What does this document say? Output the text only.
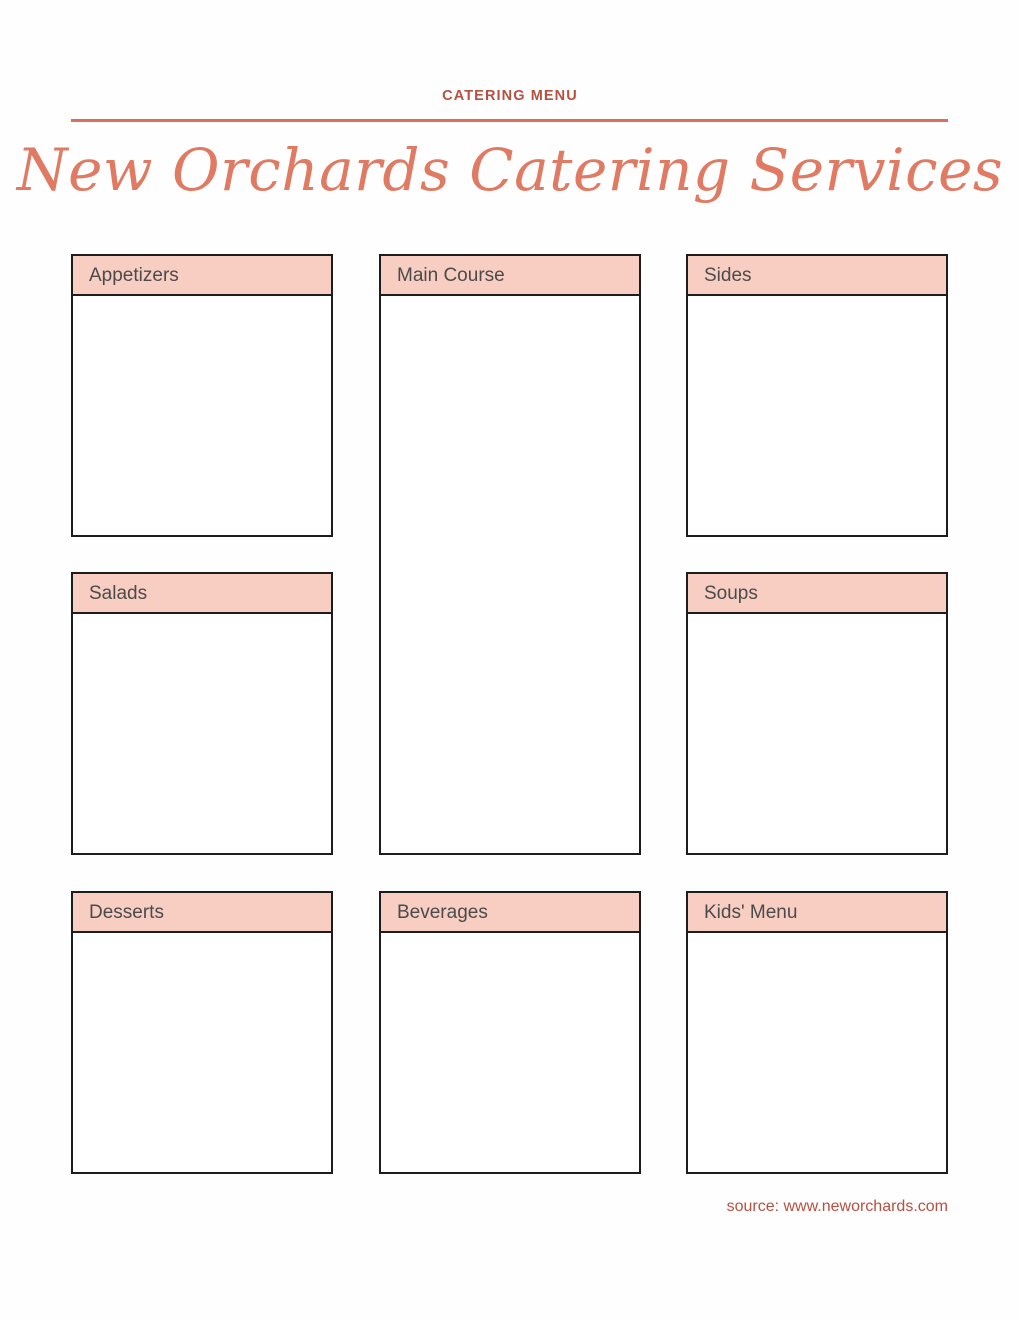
CATERING MENU
New Orchards Catering Services
Appetizers	Main Course	Sides
Salads	Soups
Desserts	Beverages	Kids' Menu
source: www.neworchards.com
